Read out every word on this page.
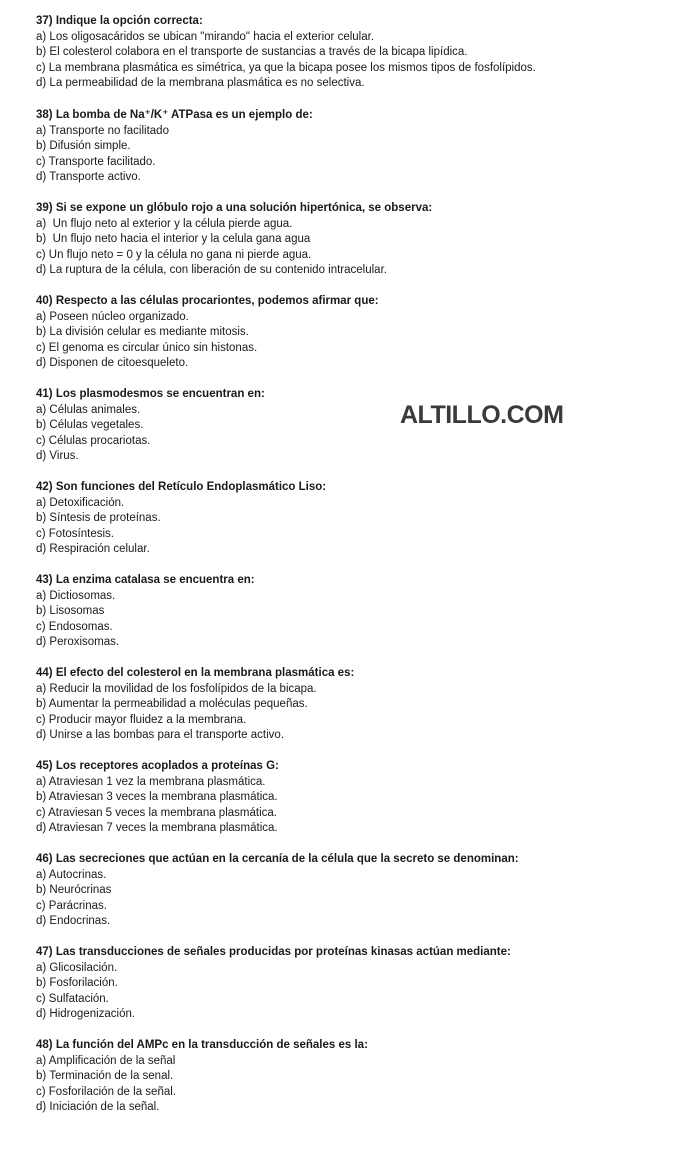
37) Indique la opción correcta:
a) Los oligosacáridos se ubican "mirando" hacia el exterior celular.
b) El colesterol colabora en el transporte de sustancias a través de la bicapa lipídica.
c) La membrana plasmática es simétrica, ya que la bicapa posee los mismos tipos de fosfolípidos.
d) La permeabilidad de la membrana plasmática es no selectiva.
38) La bomba de Na⁺/K⁺ ATPasa es un ejemplo de:
a) Transporte no facilitado
b) Difusión simple.
c) Transporte facilitado.
d) Transporte activo.
39) Si se expone un glóbulo rojo a una solución hipertónica, se observa:
a)  Un flujo neto al exterior y la célula pierde agua.
b)  Un flujo neto hacia el interior y la celula gana agua
c) Un flujo neto = 0 y la célula no gana ni pierde agua.
d) La ruptura de la célula, con liberación de su contenido intracelular.
40) Respecto a las células procariontes, podemos afirmar que:
a) Poseen núcleo organizado.
b) La división celular es mediante mitosis.
c) El genoma es circular único sin histonas.
d) Disponen de citoesqueleto.
41) Los plasmodesmos se encuentran en:
a) Células animales.
b) Células vegetales.
c) Células procariotas.
d) Virus.
ALTILLO.COM
42) Son funciones del Retículo Endoplasmático Liso:
a) Detoxificación.
b) Síntesis de proteínas.
c) Fotosíntesis.
d) Respiración celular.
43) La enzima catalasa se encuentra en:
a) Dictiosomas.
b) Lisosomas
c) Endosomas.
d) Peroxisomas.
44) El efecto del colesterol en la membrana plasmática es:
a) Reducir la movilidad de los fosfolípidos de la bicapa.
b) Aumentar la permeabilidad a moléculas pequeñas.
c) Producir mayor fluidez a la membrana.
d) Unirse a las bombas para el transporte activo.
45) Los receptores acoplados a proteínas G:
a) Atraviesan 1 vez la membrana plasmática.
b) Atraviesan 3 veces la membrana plasmática.
c) Atraviesan 5 veces la membrana plasmática.
d) Atraviesan 7 veces la membrana plasmática.
46) Las secreciones que actúan en la cercanía de la célula que la secreto se denominan:
a) Autocrinas.
b) Neurócrinas
c) Parácrinas.
d) Endocrinas.
47) Las transducciones de señales producidas por proteínas kinasas actúan mediante:
a) Glicosilación.
b) Fosforilación.
c) Sulfatación.
d) Hidrogenización.
48) La función del AMPc en la transducción de señales es la:
a) Amplificación de la señal
b) Terminación de la senal.
c) Fosforilación de la señal.
d) Iniciación de la señal.
